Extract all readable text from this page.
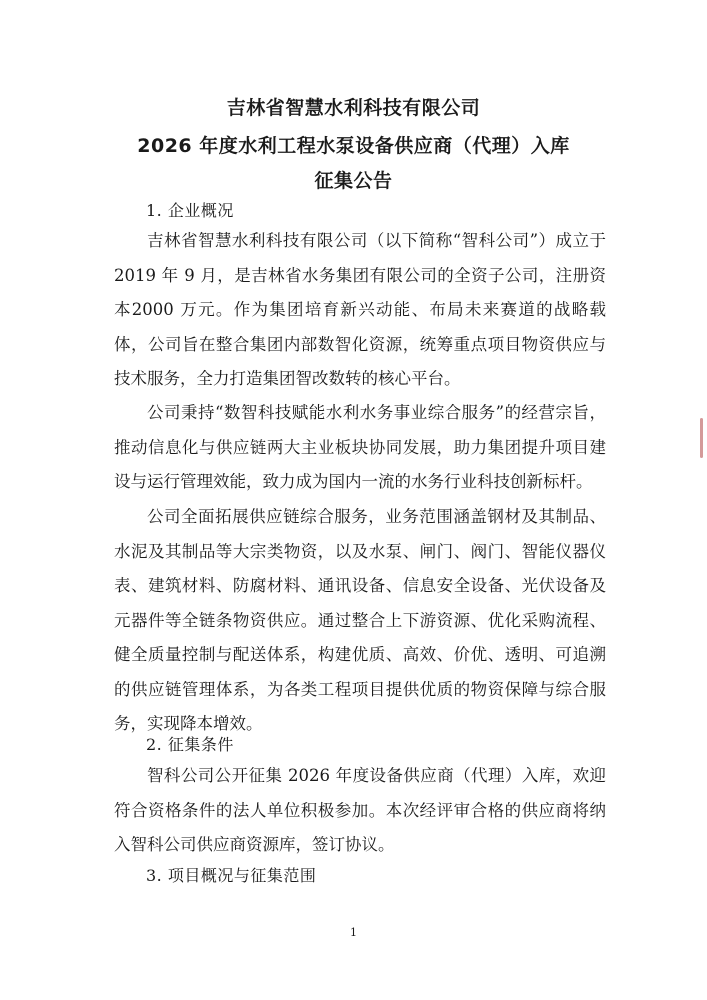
吉林省智慧水利科技有限公司
2026 年度水利工程水泵设备供应商（代理）入库
征集公告
1. 企业概况

吉林省智慧水利科技有限公司（以下简称“智科公司”）成立于2019 年 9 月，是吉林省水务集团有限公司的全资子公司，注册资本2000 万元。作为集团培育新兴动能、布局未来赛道的战略载体，公司旨在整合集团内部数智化资源，统筹重点项目物资供应与技术服务，全力打造集团智改数转的核心平台。

公司秉持“数智科技赋能水利水务事业综合服务”的经营宗旨，推动信息化与供应链两大主业板块协同发展，助力集团提升项目建设与运行管理效能，致力成为国内一流的水务行业科技创新标杆。

公司全面拓展供应链综合服务，业务范围涵盖钢材及其制品、水泥及其制品等大宗类物资，以及水泵、闸门、阀门、智能仪器仪表、建筑材料、防腐材料、通讯设备、信息安全设备、光伏设备及元器件等全链条物资供应。通过整合上下游资源、优化采购流程、健全质量控制与配送体系，构建优质、高效、价优、透明、可追溯的供应链管理体系，为各类工程项目提供优质的物资保障与综合服务，实现降本增效。

2. 征集条件

智科公司公开征集 2026 年度设备供应商（代理）入库，欢迎符合资格条件的法人单位积极参加。本次经评审合格的供应商将纳入智科公司供应商资源库，签订协议。

3. 项目概况与征集范围
1
